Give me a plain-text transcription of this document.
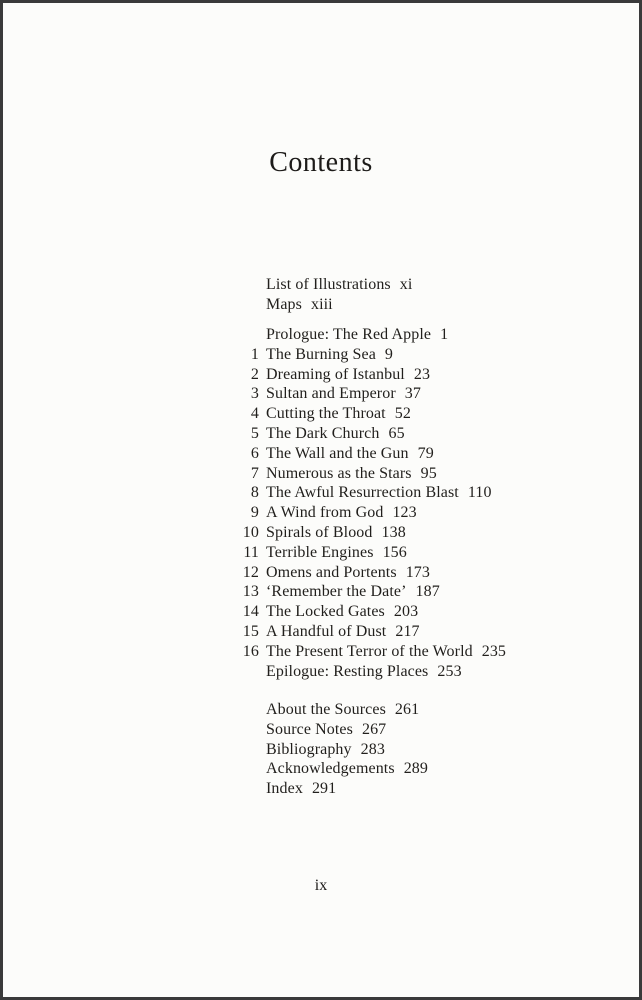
Contents
List of Illustrations xi
Maps xiii
Prologue: The Red Apple 1
1 The Burning Sea 9
2 Dreaming of Istanbul 23
3 Sultan and Emperor 37
4 Cutting the Throat 52
5 The Dark Church 65
6 The Wall and the Gun 79
7 Numerous as the Stars 95
8 The Awful Resurrection Blast 110
9 A Wind from God 123
10 Spirals of Blood 138
11 Terrible Engines 156
12 Omens and Portents 173
13 ‘Remember the Date’ 187
14 The Locked Gates 203
15 A Handful of Dust 217
16 The Present Terror of the World 235
Epilogue: Resting Places 253
About the Sources 261
Source Notes 267
Bibliography 283
Acknowledgements 289
Index 291
ix
